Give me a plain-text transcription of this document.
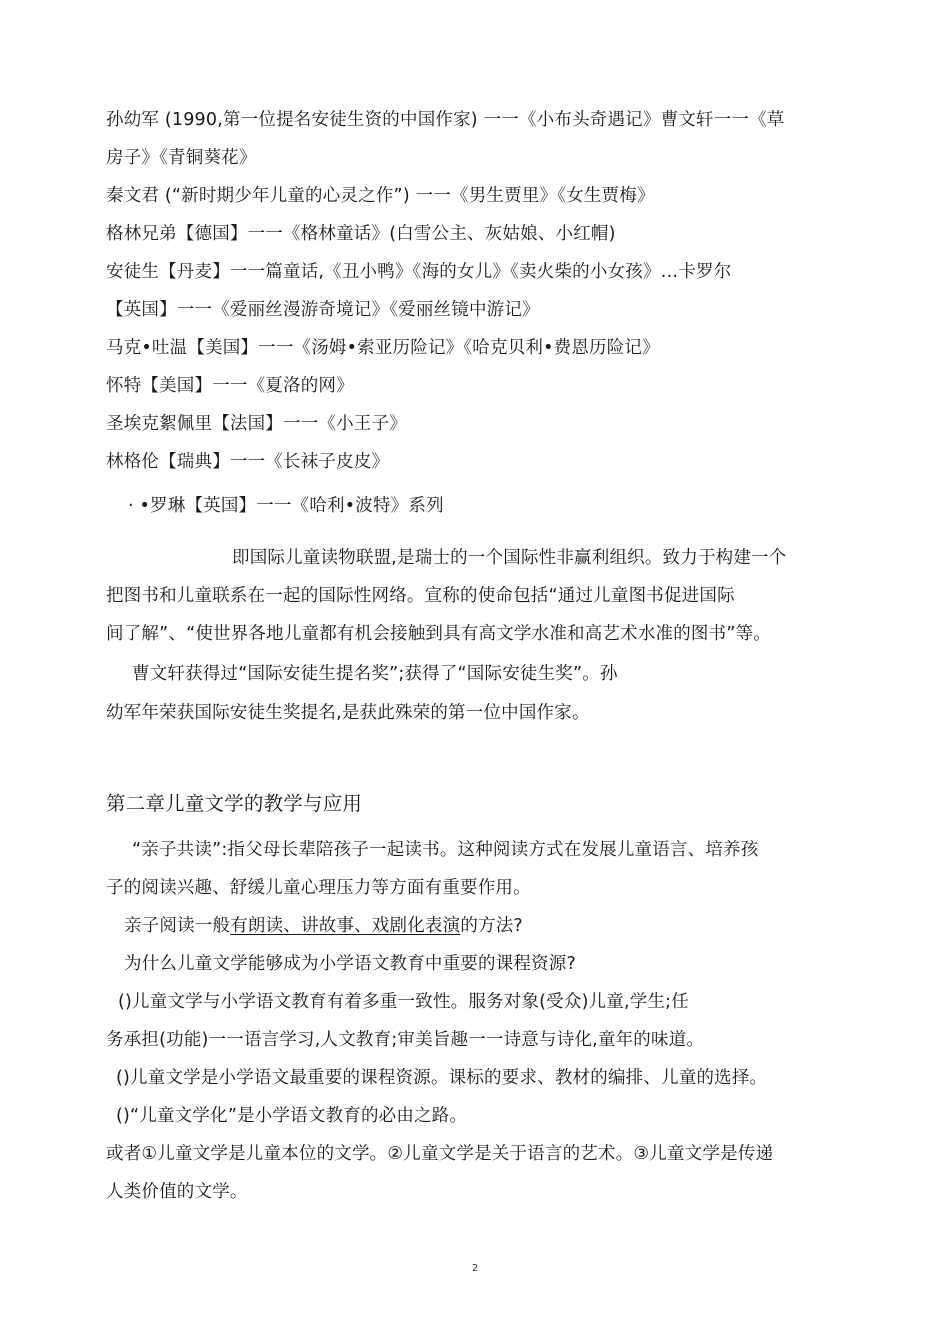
孙幼军 (1990,第一位提名安徒生资的中国作家) 一一《小布头奇遇记》曹文轩一一《草
房子》《青铜葵花》
秦文君 (“新时期少年儿童的心灵之作”) 一一《男生贾里》《女生贾梅》
格林兄弟【德国】一一《格林童话》(白雪公主、灰姑娘、小红帽)
安徒生【丹麦】一一篇童话,《丑小鸭》《海的女儿》《卖火柴的小女孩》…卡罗尔
【英国】一一《爱丽丝漫游奇境记》《爱丽丝镜中游记》
马克•吐温【美国】一一《汤姆•索亚历险记》《哈克贝利•费恩历险记》
怀特【美国】一一《夏洛的网》
圣埃克絮佩里【法国】一一《小王子》
林格伦【瑞典】一一《长袜子皮皮》
· •罗琳【英国】一一《哈利•波特》系列
即国际儿童读物联盟,是瑞士的一个国际性非赢利组织。致力于构建一个
把图书和儿童联系在一起的国际性网络。宣称的使命包括“通过儿童图书促进国际
间了解”、“使世界各地儿童都有机会接触到具有高文学水准和高艺术水准的图书”等。
曹文轩获得过“国际安徒生提名奖”;获得了“国际安徒生奖”。孙
幼军年荣获国际安徒生奖提名,是获此殊荣的第一位中国作家。
第二章儿童文学的教学与应用
“亲子共读”:指父母长辈陪孩子一起读书。这种阅读方式在发展儿童语言、培养孩
子的阅读兴趣、舒缓儿童心理压力等方面有重要作用。
亲子阅读一般有朗读、讲故事、戏剧化表演的方法?
为什么儿童文学能够成为小学语文教育中重要的课程资源?
()儿童文学与小学语文教育有着多重一致性。服务对象(受众)儿童,学生;任
务承担(功能)一一语言学习,人文教育;审美旨趣一一诗意与诗化,童年的味道。
()儿童文学是小学语文最重要的课程资源。课标的要求、教材的编排、儿童的选择。
()“儿童文学化”是小学语文教育的必由之路。
或者①儿童文学是儿童本位的文学。②儿童文学是关于语言的艺术。③儿童文学是传递
人类价值的文学。
2
